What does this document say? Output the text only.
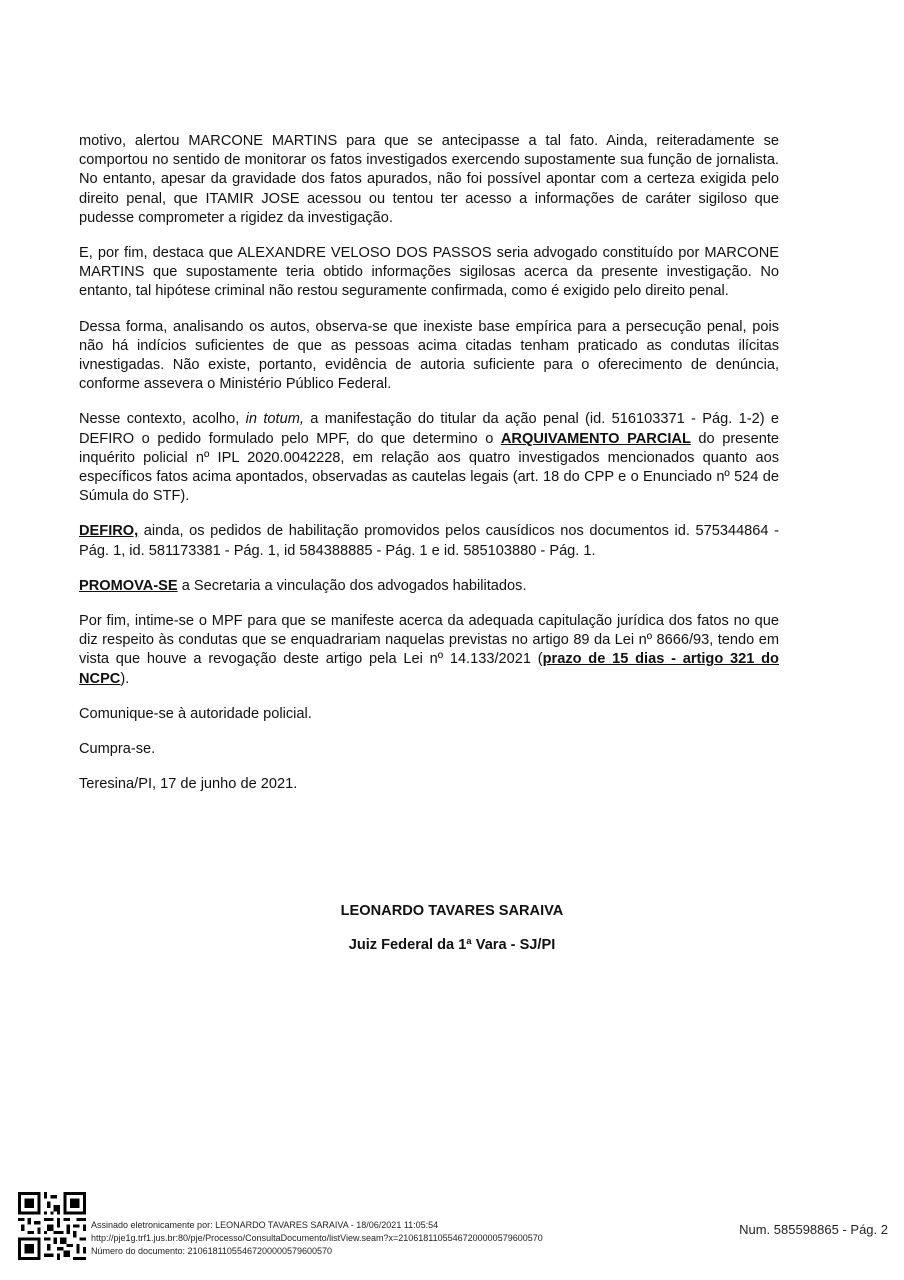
motivo, alertou MARCONE MARTINS para que se antecipasse a tal fato. Ainda, reiteradamente se comportou no sentido de monitorar os fatos investigados exercendo supostamente sua função de jornalista. No entanto, apesar da gravidade dos fatos apurados, não foi possível apontar com a certeza exigida pelo direito penal, que ITAMIR JOSE acessou ou tentou ter acesso a informações de caráter sigiloso que pudesse comprometer a rigidez da investigação.

E, por fim, destaca que ALEXANDRE VELOSO DOS PASSOS seria advogado constituído por MARCONE MARTINS que supostamente teria obtido informações sigilosas acerca da presente investigação. No entanto, tal hipótese criminal não restou seguramente confirmada, como é exigido pelo direito penal.

Dessa forma, analisando os autos, observa-se que inexiste base empírica para a persecução penal, pois não há indícios suficientes de que as pessoas acima citadas tenham praticado as condutas ilícitas ivnestigadas. Não existe, portanto, evidência de autoria suficiente para o oferecimento de denúncia, conforme assevera o Ministério Público Federal.

Nesse contexto, acolho, in totum, a manifestação do titular da ação penal (id. 516103371 - Pág. 1-2) e DEFIRO o pedido formulado pelo MPF, do que determino o ARQUIVAMENTO PARCIAL do presente inquérito policial nº IPL 2020.0042228, em relação aos quatro investigados mencionados quanto aos específicos fatos acima apontados, observadas as cautelas legais (art. 18 do CPP e o Enunciado nº 524 de Súmula do STF).

DEFIRO, ainda, os pedidos de habilitação promovidos pelos causídicos nos documentos id. 575344864 - Pág. 1, id. 581173381 - Pág. 1, id 584388885 - Pág. 1 e id. 585103880 - Pág. 1.

PROMOVA-SE a Secretaria a vinculação dos advogados habilitados.

Por fim, intime-se o MPF para que se manifeste acerca da adequada capitulação jurídica dos fatos no que diz respeito às condutas que se enquadrariam naquelas previstas no artigo 89 da Lei nº 8666/93, tendo em vista que houve a revogação deste artigo pela Lei nº 14.133/2021 (prazo de 15 dias - artigo 321 do NCPC).

Comunique-se à autoridade policial.

Cumpra-se.

Teresina/PI, 17 de junho de 2021.

LEONARDO TAVARES SARAIVA
Juiz Federal da 1ª Vara - SJ/PI
Assinado eletronicamente por: LEONARDO TAVARES SARAIVA - 18/06/2021 11:05:54
http://pje1g.trf1.jus.br:80/pje/Processo/ConsultaDocumento/listView.seam?x=21061811055467200000579600570
Número do documento: 21061811055467200000579600570
Num. 585598865 - Pág. 2
